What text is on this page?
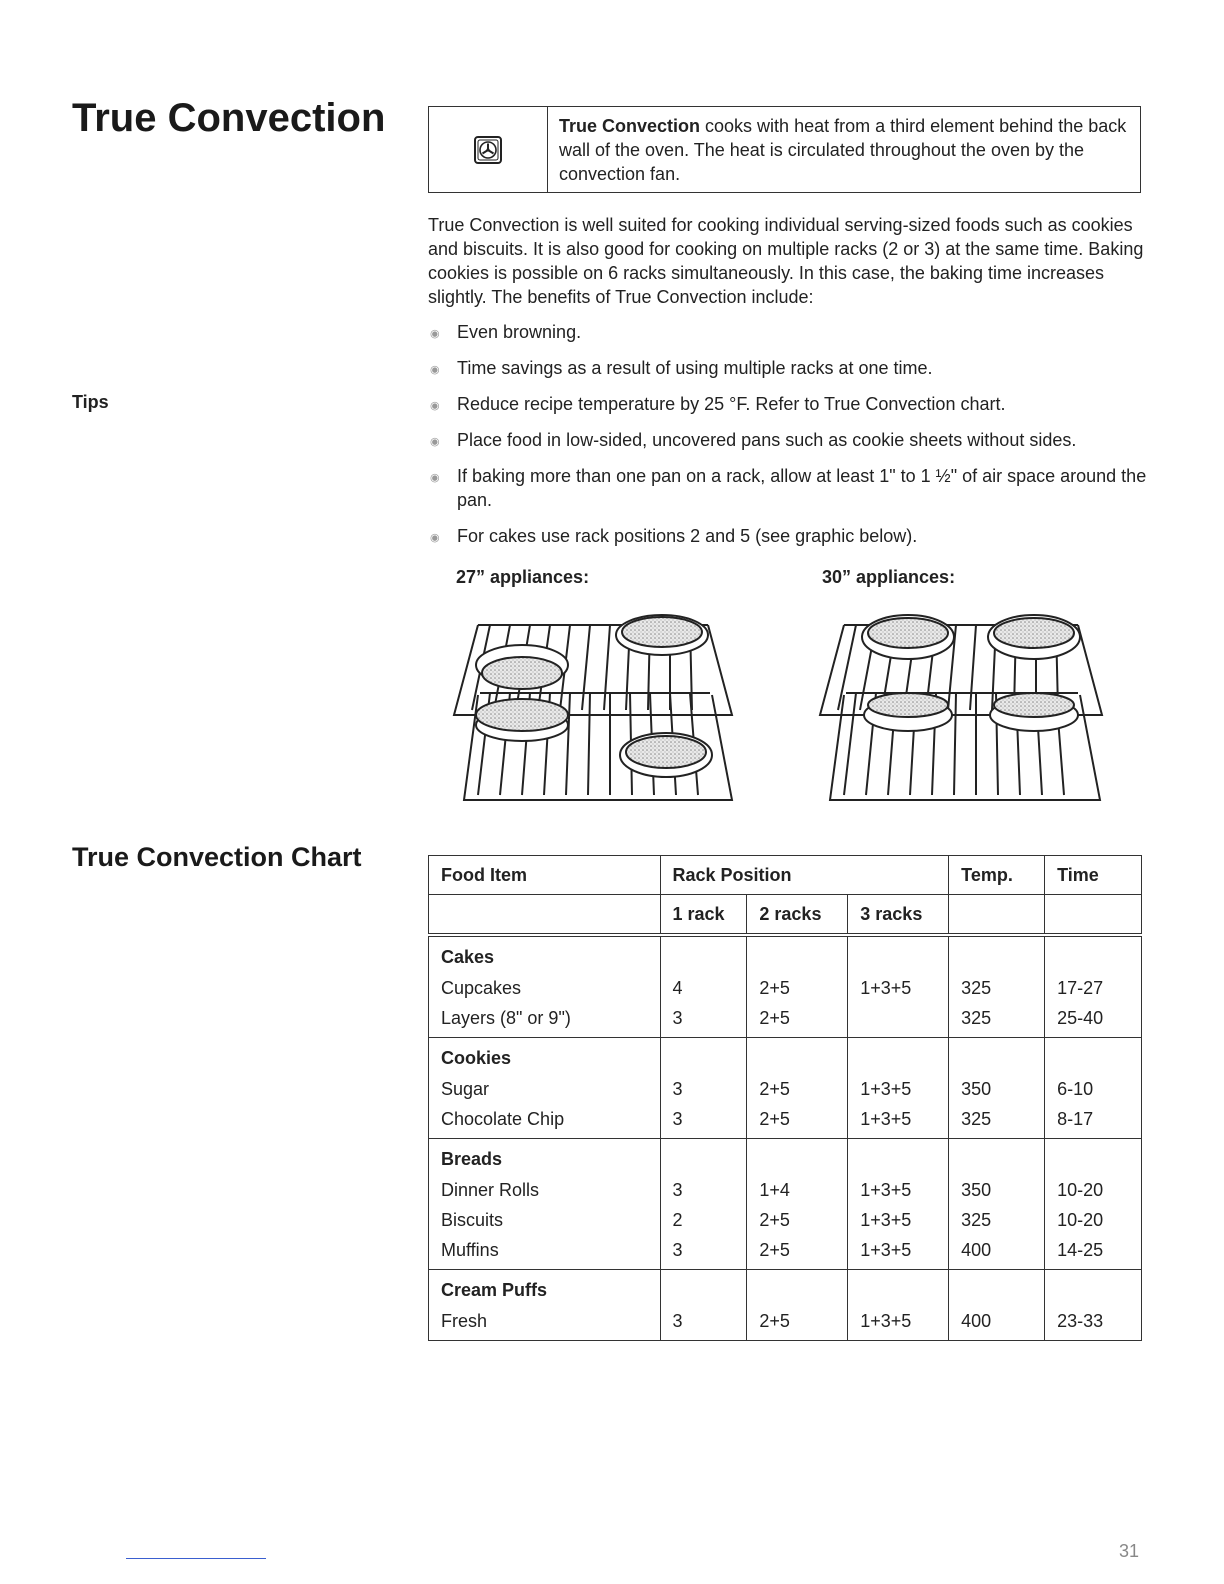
True Convection	True Convection cooks with heat from a third element behind the back wall of the oven. The heat is circulated throughout the oven by the convection fan.

True Convection is well suited for cooking individual serving-sized foods such as cookies and biscuits. It is also good for cooking on multiple racks (2 or 3) at the same time. Baking cookies is possible on 6 racks simultaneously. In this case, the baking time increases slightly. The benefits of True Convection include:

Tips
◉ Even browning.
◉ Time savings as a result of using multiple racks at one time.
◉ Reduce recipe temperature by 25 °F. Refer to True Convection chart.
◉ Place food in low-sided, uncovered pans such as cookie sheets without sides.
◉ If baking more than one pan on a rack, allow at least 1" to 1 ½" of air space around the pan.
◉ For cakes use rack positions 2 and 5 (see graphic below).
27” appliances:	30” appliances:
True Convection Chart
Food Item	Rack Position			Temp.	Time
	1 rack	2 racks	3 racks		
Cakes					
Cupcakes	4	2+5	1+3+5	325	17-27
Layers (8" or 9")	3	2+5		325	25-40
Cookies					
Sugar	3	2+5	1+3+5	350	6-10
Chocolate Chip	3	2+5	1+3+5	325	8-17
Breads					
Dinner Rolls	3	1+4	1+3+5	350	10-20
Biscuits	2	2+5	1+3+5	325	10-20
Muffins	3	2+5	1+3+5	400	14-25
Cream Puffs					
Fresh	3	2+5	1+3+5	400	23-33
31
